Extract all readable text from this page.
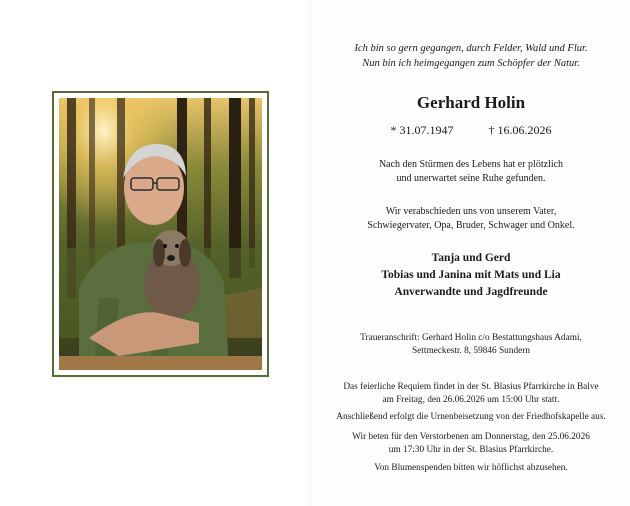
Ich bin so gern gegangen, durch Felder, Wald und Flur.
Nun bin ich heimgegangen zum Schöpfer der Natur.
Gerhard Holin
* 31.07.1947	† 16.06.2026
Nach den Stürmen des Lebens hat er plötzlich
und unerwartet seine Ruhe gefunden.
Wir verabschieden uns von unserem Vater,
Schwiegervater, Opa, Bruder, Schwager und Onkel.
Tanja und Gerd
Tobias und Janina mit Mats und Lia
Anverwandte und Jagdfreunde
Traueranschrift: Gerhard Holin c/o Bestattungshaus Adami,
Settmeckestr. 8, 59846 Sundern
Das feierliche Requiem findet in der St. Blasius Pfarrkirche in Balve
am Freitag, den 26.06.2026 um 15:00 Uhr statt.
Anschließend erfolgt die Urnenbeisetzung von der Friedhofskapelle aus.
Wir beten für den Verstorbenen am Donnerstag, den 25.06.2026
um 17:30 Uhr in der St. Blasius Pfarrkirche.
Von Blumenspenden bitten wir höflichst abzusehen.
